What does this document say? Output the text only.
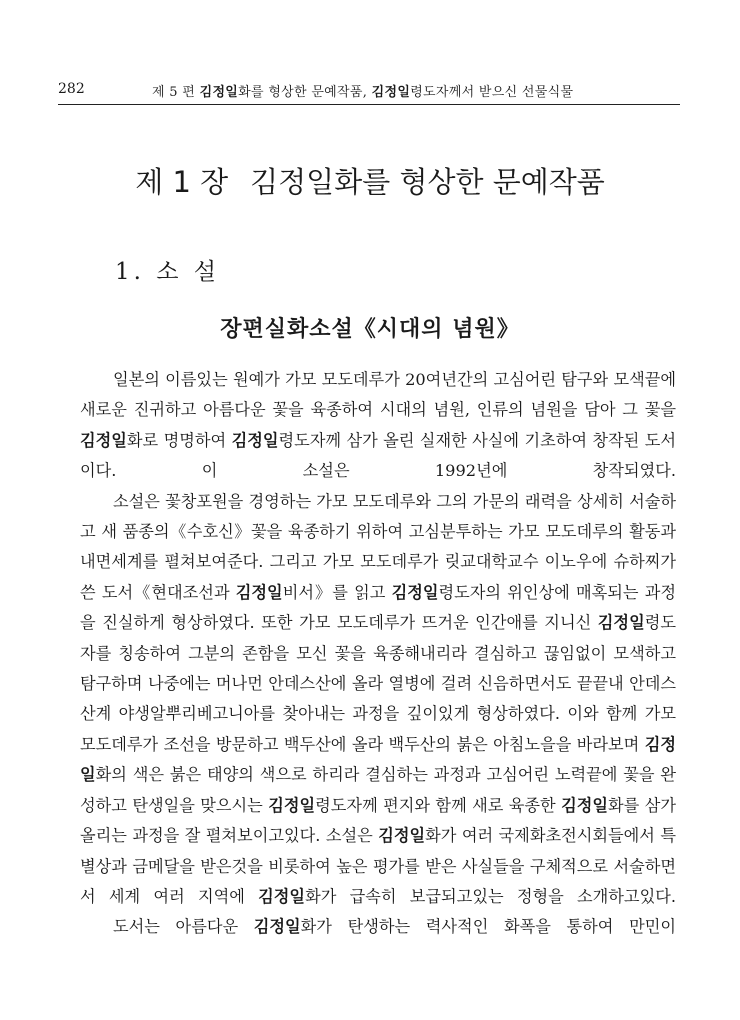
282	제 5 편 김정일화를 형상한 문예작품, 김정일령도자께서 받으신 선물식물
제 1 장 김정일화를 형상한 문예작품
1. 소 설
장편실화소설《시대의 념원》

일본의 이름있는 원예가 가모 모도데루가 20여년간의 고심어린 탐구와 모색끝에 새로운 진귀하고 아름다운 꽃을 육종하여 시대의 념원, 인류의 념원을 담아 그 꽃을 김정일화로 명명하여 김정일령도자께 삼가 올린 실재한 사실에 기초하여 창작된 도서이다. 이 소설은 1992년에 창작되였다.

소설은 꽃창포원을 경영하는 가모 모도데루와 그의 가문의 래력을 상세히 서술하고 새 품종의《수호신》꽃을 육종하기 위하여 고심분투하는 가모 모도데루의 활동과 내면세계를 펼쳐보여준다. 그리고 가모 모도데루가 릿교대학교수 이노우에 슈하찌가 쓴 도서《현대조선과 김정일비서》를 읽고 김정일령도자의 위인상에 매혹되는 과정을 진실하게 형상하였다. 또한 가모 모도데루가 뜨거운 인간애를 지니신 김정일령도자를 칭송하여 그분의 존함을 모신 꽃을 육종해내리라 결심하고 끊임없이 모색하고 탐구하며 나중에는 머나먼 안데스산에 올라 열병에 걸려 신음하면서도 끝끝내 안데스산계 야생알뿌리베고니아를 찾아내는 과정을 깊이있게 형상하였다. 이와 함께 가모 모도데루가 조선을 방문하고 백두산에 올라 백두산의 붉은 아침노을을 바라보며 김정일화의 색은 붉은 태양의 색으로 하리라 결심하는 과정과 고심어린 노력끝에 꽃을 완성하고 탄생일을 맞으시는 김정일령도자께 편지와 함께 새로 육종한 김정일화를 삼가 올리는 과정을 잘 펼쳐보이고있다. 소설은 김정일화가 여러 국제화초전시회들에서 특별상과 금메달을 받은것을 비롯하여 높은 평가를 받은 사실들을 구체적으로 서술하면서 세계 여러 지역에 김정일화가 급속히 보급되고있는 정형을 소개하고있다.

도서는 아름다운 김정일화가 탄생하는 력사적인 화폭을 통하여 만민이
